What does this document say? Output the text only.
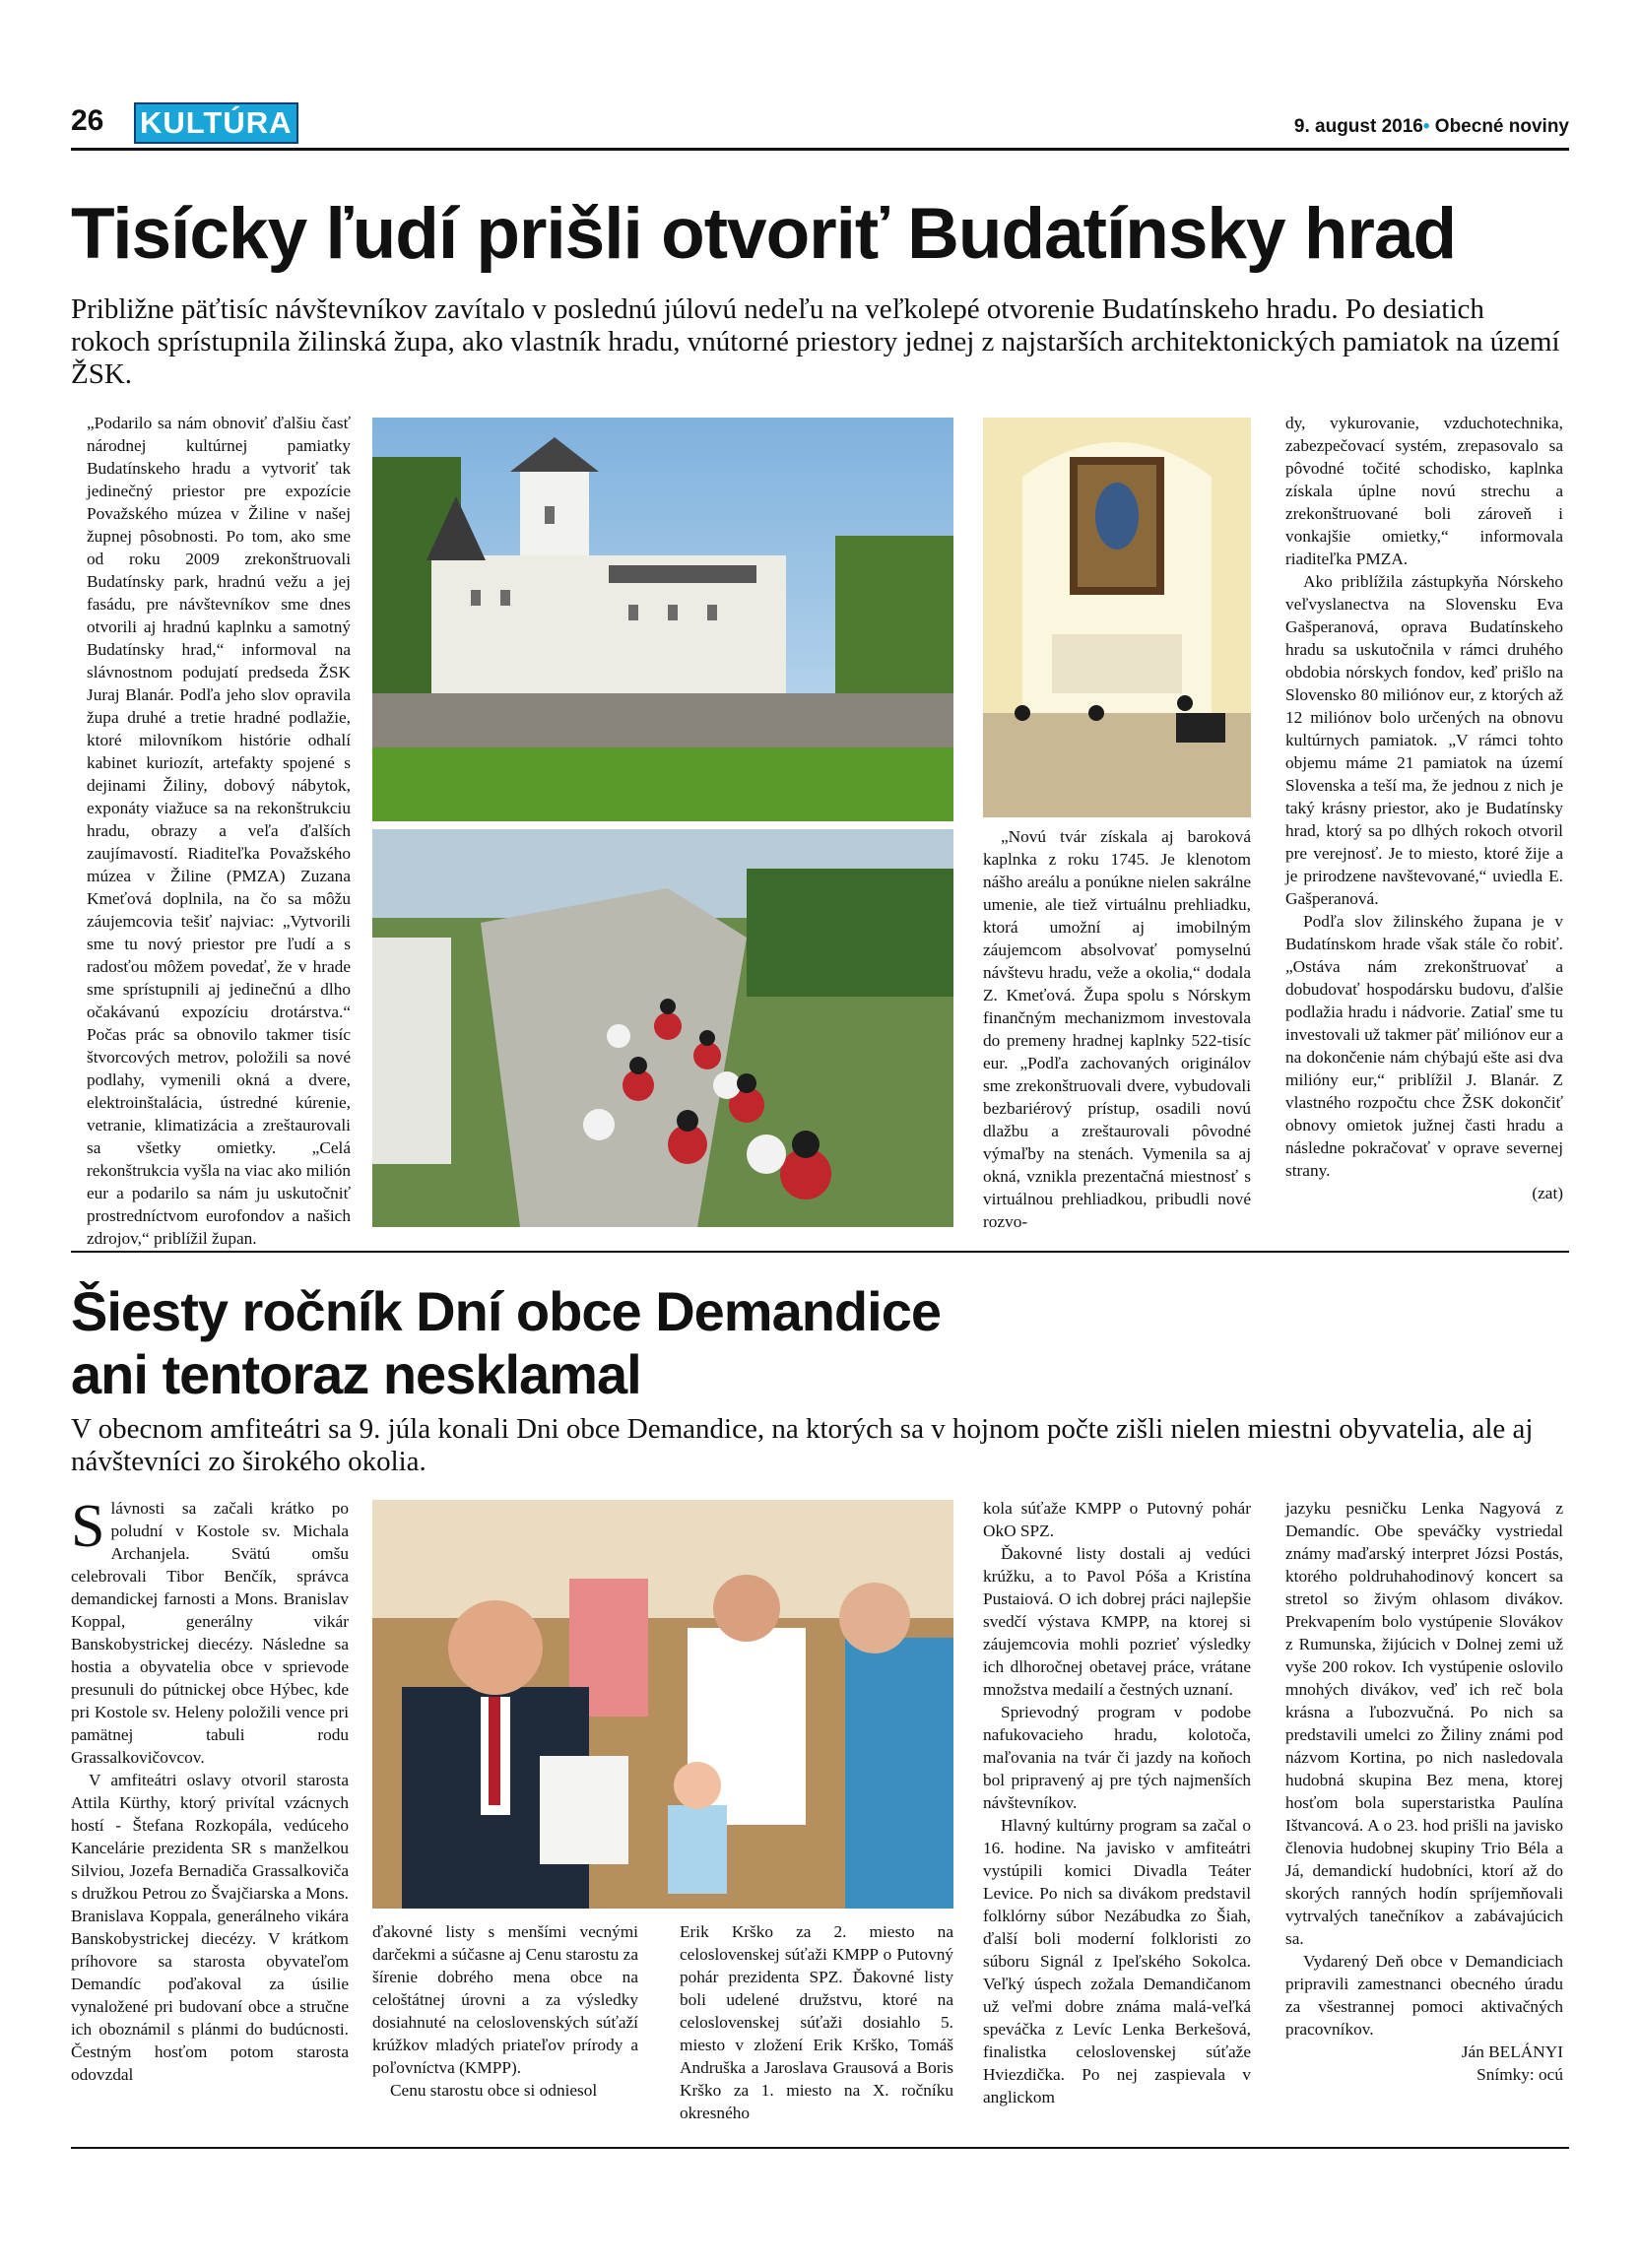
26 KULTÚRA	9. august 2016• Obecné noviny
Tisícky ľudí prišli otvoriť Budatínsky hrad
Približne päťtisíc návštevníkov zavítalo v poslednú júlovú nedeľu na veľkolepé otvorenie Budatínskeho hradu. Po desiatich rokoch sprístupnila žilinská župa, ako vlastník hradu, vnútorné priestory jednej z najstarších architektonických pamiatok na území ŽSK.

„Podarilo sa nám obnoviť ďalšiu časť národnej kultúrnej pamiatky Budatínskeho hradu a vytvoriť tak jedinečný priestor pre expozície Považského múzea v Žiline v našej župnej pôsobnosti. Po tom, ako sme od roku 2009 zrekonštruovali Budatínsky park, hradnú vežu a jej fasádu, pre návštevníkov sme dnes otvorili aj hradnú kaplnku a samotný Budatínsky hrad,“ informoval na slávnostnom podujatí predseda ŽSK Juraj Blanár. Podľa jeho slov opravila župa druhé a tretie hradné podlažie, ktoré milovníkom histórie odhalí kabinet kuriozít, artefakty spojené s dejinami Žiliny, dobový nábytok, exponáty viažuce sa na rekonštrukciu hradu, obrazy a veľa ďalších zaujímavostí. Riaditeľka Považského múzea v Žiline (PMZA) Zuzana Kmeťová doplnila, na čo sa môžu záujemcovia tešiť najviac: „Vytvorili sme tu nový priestor pre ľudí a s radosťou môžem povedať, že v hrade sme sprístupnili aj jedinečnú a dlho očakávanú expozíciu drotárstva.“ Počas prác sa obnovilo takmer tisíc štvorcových metrov, položili sa nové podlahy, vymenili okná a dvere, elektroinštalácia, ústredné kúrenie, vetranie, klimatizácia a zreštaurovali sa všetky omietky. „Celá rekonštrukcia vyšla na viac ako milión eur a podarilo sa nám ju uskutočniť prostredníctvom eurofondov a našich zdrojov,“ priblížil župan.

„Novú tvár získala aj baroková kaplnka z roku 1745. Je klenotom nášho areálu a ponúkne nielen sakrálne umenie, ale tiež virtuálnu prehliadku, ktorá umožní aj imobilným záujemcom absolvovať pomyselnú návštevu hradu, veže a okolia,“ dodala Z. Kmeťová. Župa spolu s Nórskym finančným mechanizmom investovala do premeny hradnej kaplnky 522-tisíc eur. „Podľa zachovaných originálov sme zrekonštruovali dvere, vybudovali bezbariérový prístup, osadili novú dlažbu a zreštaurovali pôvodné výmaľby na stenách. Vymenila sa aj okná, vznikla prezentačná miestnosť s virtuálnou prehliadkou, pribudli nové rozvo-

dy, vykurovanie, vzduchotechnika, zabezpečovací systém, zrepasovalo sa pôvodné točité schodisko, kaplnka získala úplne novú strechu a zrekonštruované boli zároveň i vonkajšie omietky,“ informovala riaditeľka PMZA.

Ako priblížila zástupkyňa Nórskeho veľvyslanectva na Slovensku Eva Gašperanová, oprava Budatínskeho hradu sa uskutočnila v rámci druhého obdobia nórskych fondov, keď prišlo na Slovensko 80 miliónov eur, z ktorých až 12 miliónov bolo určených na obnovu kultúrnych pamiatok. „V rámci tohto objemu máme 21 pamiatok na území Slovenska a teší ma, že jednou z nich je taký krásny priestor, ako je Budatínsky hrad, ktorý sa po dlhých rokoch otvoril pre verejnosť. Je to miesto, ktoré žije a je prirodzene navštevované,“ uviedla E. Gašperanová.

Podľa slov žilinského župana je v Budatínskom hrade však stále čo robiť. „Ostáva nám zrekonštruovať a dobudovať hospodársku budovu, ďalšie podlažia hradu i nádvorie. Zatiaľ sme tu investovali už takmer päť miliónov eur a na dokončenie nám chýbajú ešte asi dva milióny eur,“ priblížil J. Blanár. Z vlastného rozpočtu chce ŽSK dokončiť obnovy omietok južnej časti hradu a následne pokračovať v oprave severnej strany.

(zat)

Šiesty ročník Dní obce Demandice
ani tentoraz nesklamal
V obecnom amfiteátri sa 9. júla konali Dni obce Demandice, na ktorých sa v hojnom počte zišli nielen miestni obyvatelia, ale aj návštevníci zo širokého okolia.

Slávnosti sa začali krátko po poludní v Kostole sv. Michala Archanjela. Svätú omšu celebrovali Tibor Benčík, správca demandickej farnosti a Mons. Branislav Koppal, generálny vikár Banskobystrickej diecézy. Následne sa hostia a obyvatelia obce v sprievode presunuli do pútnickej obce Hýbec, kde pri Kostole sv. Heleny položili vence pri pamätnej tabuli rodu Grassalkovičovcov.

V amfiteátri oslavy otvoril starosta Attila Kürthy, ktorý privítal vzácnych hostí - Štefana Rozkopála, vedúceho Kancelárie prezidenta SR s manželkou Silviou, Jozefa Bernadiča Grassalkoviča s družkou Petrou zo Švajčiarska a Mons. Branislava Koppala, generálneho vikára Banskobystrickej diecézy. V krátkom príhovore sa starosta obyvateľom Demandíc poďakoval za úsilie vynaložené pri budovaní obce a stručne ich oboznámil s plánmi do budúcnosti. Čestným hosťom potom starosta odovzdal

ďakovné listy s menšími vecnými darčekmi a súčasne aj Cenu starostu za šírenie dobrého mena obce na celoštátnej úrovni a za výsledky dosiahnuté na celoslovenských súťaží krúžkov mladých priateľov prírody a poľovníctva (KMPP).

Cenu starostu obce si odniesol

Erik Krško za 2. miesto na celoslovenskej súťaži KMPP o Putovný pohár prezidenta SPZ. Ďakovné listy boli udelené družstvu, ktoré na celoslovenskej súťaži dosiahlo 5. miesto v zložení Erik Krško, Tomáš Andruška a Jaroslava Grausová a Boris Krško za 1. miesto na X. ročníku okresného

kola súťaže KMPP o Putovný pohár OkO SPZ.

Ďakovné listy dostali aj vedúci krúžku, a to Pavol Póša a Kristína Pustaiová. O ich dobrej práci najlepšie svedčí výstava KMPP, na ktorej si záujemcovia mohli pozrieť výsledky ich dlhoročnej obetavej práce, vrátane množstva medailí a čestných uznaní.

Sprievodný program v podobe nafukovacieho hradu, kolotoča, maľovania na tvár či jazdy na koňoch bol pripravený aj pre tých najmenších návštevníkov.

Hlavný kultúrny program sa začal o 16. hodine. Na javisko v amfiteátri vystúpili komici Divadla Teáter Levice. Po nich sa divákom predstavil folklórny súbor Nezábudka zo Šiah, ďalší boli moderní folkloristi zo súboru Signál z Ipeľského Sokolca. Veľký úspech zožala Demandičanom už veľmi dobre známa malá-veľká speváčka z Levíc Lenka Berkešová, finalistka celoslovenskej súťaže Hviezdička. Po nej zaspievala v anglickom

jazyku pesničku Lenka Nagyová z Demandíc. Obe speváčky vystriedal známy maďarský interpret Józsi Postás, ktorého poldruhahodinový koncert sa stretol so živým ohlasom divákov. Prekvapením bolo vystúpenie Slovákov z Rumunska, žijúcich v Dolnej zemi už vyše 200 rokov. Ich vystúpenie oslovilo mnohých divákov, veď ich reč bola krásna a ľubozvučná. Po nich sa predstavili umelci zo Žiliny známi pod názvom Kortina, po nich nasledovala hudobná skupina Bez mena, ktorej hosťom bola superstaristka Paulína Ištvancová. A o 23. hod prišli na javisko členovia hudobnej skupiny Trio Béla a Já, demandickí hudobníci, ktorí až do skorých ranných hodín spríjemňovali vytrvalých tanečníkov a zabávajúcich sa.

Vydarený Deň obce v Demandiciach pripravili zamestnanci obecného úradu za všestrannej pomoci aktivačných pracovníkov.

Ján BELÁNYI

Snímky: ocú
